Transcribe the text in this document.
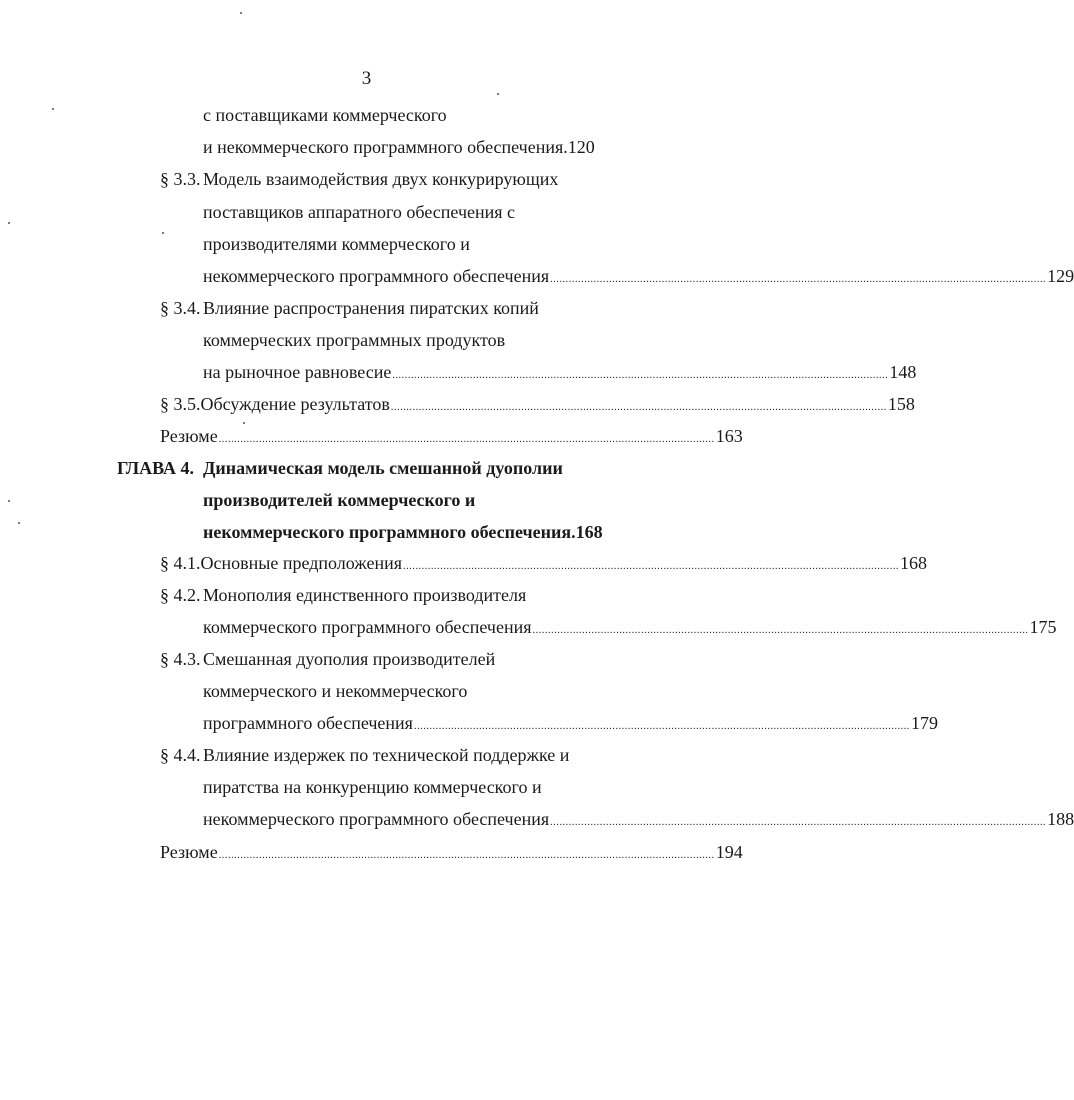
3
с поставщиками коммерческого
и некоммерческого программного обеспечения. 120
§ 3.3. Модель взаимодействия двух конкурирующих
поставщиков аппаратного обеспечения с
производителями коммерческого и
некоммерческого программного обеспечения ................................................................................................................................................................ 129
§ 3.4. Влияние распространения пиратских копий
коммерческих программных продуктов
на рыночное равновесие ................................................................................................................................................................ 148
§ 3.5. Обсуждение результатов ................................................................................................................................................................ 158
Резюме ................................................................................................................................................................ 163
ГЛАВА 4. Динамическая модель смешанной дуополии
производителей коммерческого и
некоммерческого программного обеспечения. 168
§ 4.1. Основные предположения ................................................................................................................................................................ 168
§ 4.2. Монополия единственного производителя
коммерческого программного обеспечения ................................................................................................................................................................ 175
§ 4.3. Смешанная дуополия производителей
коммерческого и некоммерческого
программного обеспечения ................................................................................................................................................................ 179
§ 4.4. Влияние издержек по технической поддержке и
пиратства на конкуренцию коммерческого и
некоммерческого программного обеспечения ................................................................................................................................................................ 188
Резюме ................................................................................................................................................................ 194
